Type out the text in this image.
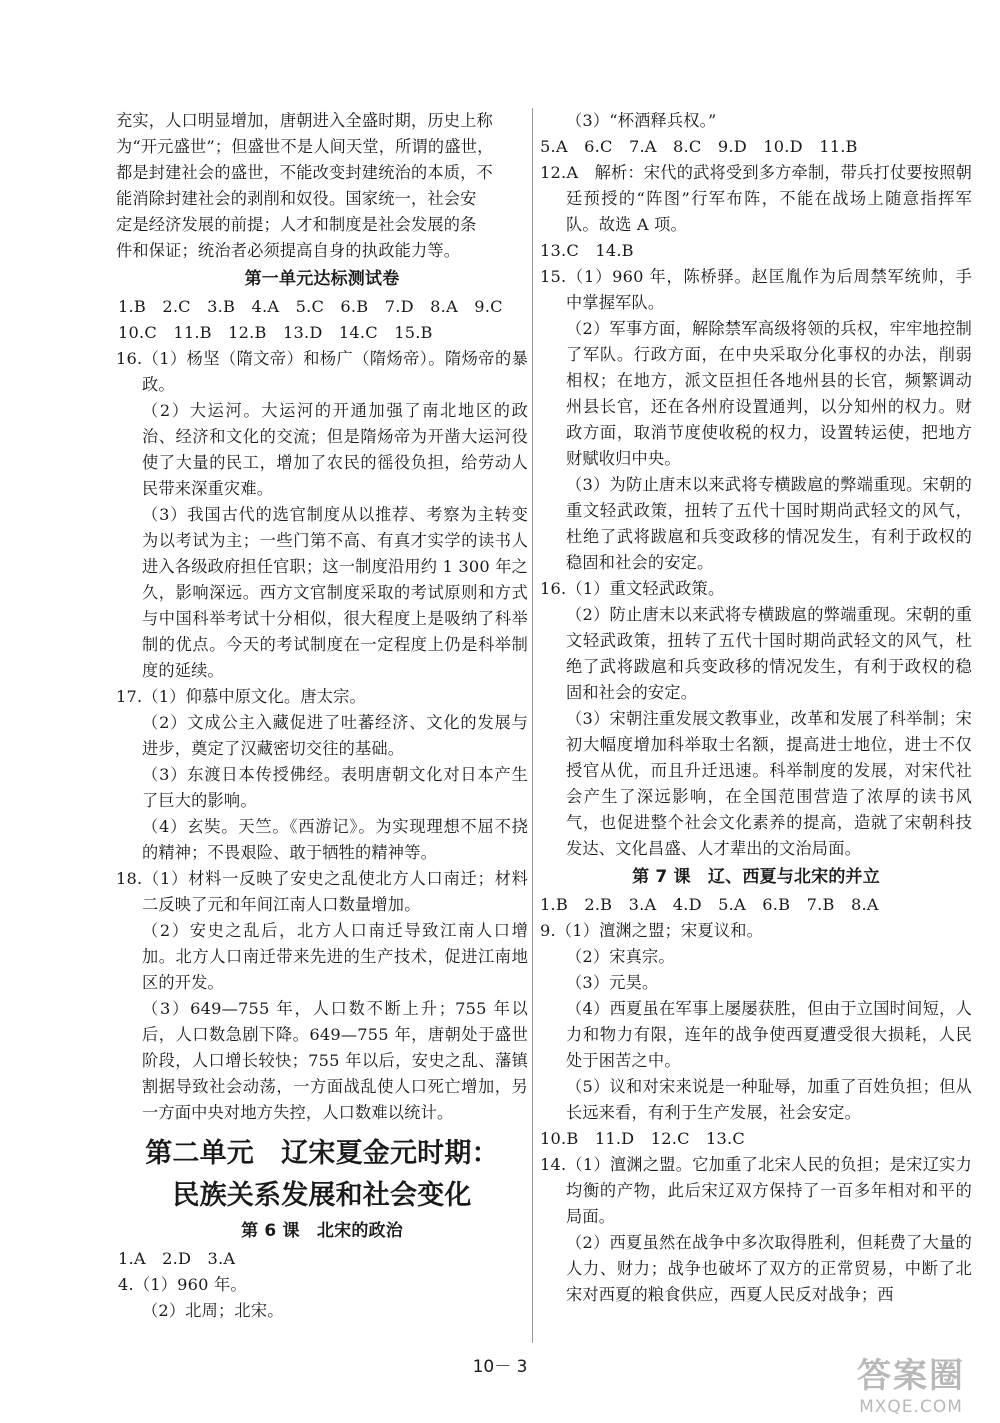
充实，人口明显增加，唐朝进入全盛时期，历史上称

为“开元盛世”；但盛世不是人间天堂，所谓的盛世，

都是封建社会的盛世，不能改变封建统治的本质，不

能消除封建社会的剥削和奴役。国家统一，社会安

定是经济发展的前提；人才和制度是社会发展的条

件和保证；统治者必须提高自身的执政能力等。

第一单元达标测试卷

1.B　2.C　3.B　4.A　5.C　6.B　7.D　8.A　9.C

10.C　11.B　12.B　13.D　14.C　15.B

16.（1）杨坚（隋文帝）和杨广（隋炀帝）。隋炀帝的暴政。

（2）大运河。大运河的开通加强了南北地区的政治、经济和文化的交流；但是隋炀帝为开凿大运河役使了大量的民工，增加了农民的徭役负担，给劳动人民带来深重灾难。

（3）我国古代的选官制度从以推荐、考察为主转变为以考试为主；一些门第不高、有真才实学的读书人进入各级政府担任官职；这一制度沿用约 1 300 年之久，影响深远。西方文官制度采取的考试原则和方式与中国科举考试十分相似，很大程度上是吸纳了科举制的优点。今天的考试制度在一定程度上仍是科举制度的延续。

17.（1）仰慕中原文化。唐太宗。

（2）文成公主入藏促进了吐蕃经济、文化的发展与进步，奠定了汉藏密切交往的基础。

（3）东渡日本传授佛经。表明唐朝文化对日本产生了巨大的影响。

（4）玄奘。天竺。《西游记》。为实现理想不屈不挠的精神；不畏艰险、敢于牺牲的精神等。

18.（1）材料一反映了安史之乱使北方人口南迁；材料二反映了元和年间江南人口数量增加。

（2）安史之乱后，北方人口南迁导致江南人口增加。北方人口南迁带来先进的生产技术，促进江南地区的开发。

（3）649—755 年，人口数不断上升；755 年以后，人口数急剧下降。649—755 年，唐朝处于盛世阶段，人口增长较快；755 年以后，安史之乱、藩镇割据导致社会动荡，一方面战乱使人口死亡增加，另一方面中央对地方失控，人口数难以统计。

第二单元　辽宋夏金元时期：
民族关系发展和社会变化

第 6 课　北宋的政治

1.A　2.D　3.A

4.（1）960 年。

（2）北周；北宋。

（3）“杯酒释兵权。”

5.A　6.C　7.A　8.C　9.D　10.D　11.B

12.A　解析：宋代的武将受到多方牵制，带兵打仗要按照朝廷预授的“阵图”行军布阵，不能在战场上随意指挥军队。故选 A 项。

13.C　14.B

15.（1）960 年，陈桥驿。赵匡胤作为后周禁军统帅，手中掌握军队。

（2）军事方面，解除禁军高级将领的兵权，牢牢地控制了军队。行政方面，在中央采取分化事权的办法，削弱相权；在地方，派文臣担任各地州县的长官，频繁调动州县长官，还在各州府设置通判，以分知州的权力。财政方面，取消节度使收税的权力，设置转运使，把地方财赋收归中央。

（3）为防止唐末以来武将专横跋扈的弊端重现。宋朝的重文轻武政策，扭转了五代十国时期尚武轻文的风气，杜绝了武将跋扈和兵变政移的情况发生，有利于政权的稳固和社会的安定。

16.（1）重文轻武政策。

（2）防止唐末以来武将专横跋扈的弊端重现。宋朝的重文轻武政策，扭转了五代十国时期尚武轻文的风气，杜绝了武将跋扈和兵变政移的情况发生，有利于政权的稳固和社会的安定。

（3）宋朝注重发展文教事业，改革和发展了科举制；宋初大幅度增加科举取士名额，提高进士地位，进士不仅授官从优，而且升迁迅速。科举制度的发展，对宋代社会产生了深远影响，在全国范围营造了浓厚的读书风气，也促进整个社会文化素养的提高，造就了宋朝科技发达、文化昌盛、人才辈出的文治局面。

第 7 课　辽、西夏与北宋的并立

1.B　2.B　3.A　4.D　5.A　6.B　7.B　8.A

9.（1）澶渊之盟；宋夏议和。

（2）宋真宗。

（3）元昊。

（4）西夏虽在军事上屡屡获胜，但由于立国时间短，人力和物力有限，连年的战争使西夏遭受很大损耗，人民处于困苦之中。

（5）议和对宋来说是一种耻辱，加重了百姓负担；但从长远来看，有利于生产发展，社会安定。

10.B　11.D　12.C　13.C

14.（1）澶渊之盟。它加重了北宋人民的负担；是宋辽实力均衡的产物，此后宋辽双方保持了一百多年相对和平的局面。

（2）西夏虽然在战争中多次取得胜利，但耗费了大量的人力、财力；战争也破坏了双方的正常贸易，中断了北宋对西夏的粮食供应，西夏人民反对战争；西

10－ 3	答案圈
MXQE.COM
